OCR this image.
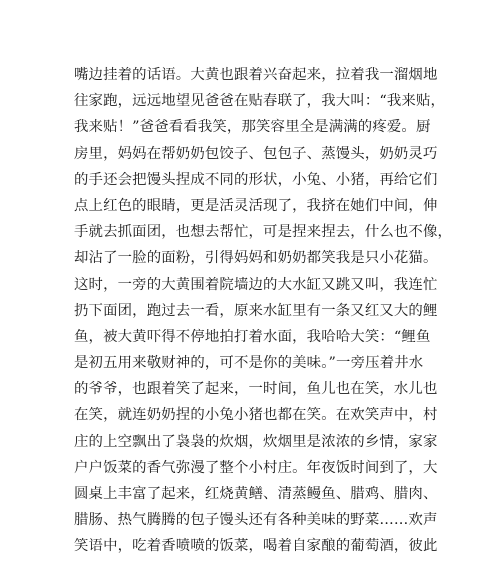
嘴边挂着的话语。大黄也跟着兴奋起来，拉着我一溜烟地
往家跑，远远地望见爸爸在贴春联了，我大叫：“我来贴，
我来贴！”爸爸看看我笑，那笑容里全是满满的疼爱。厨
房里，妈妈在帮奶奶包饺子、包包子、蒸馒头，奶奶灵巧
的手还会把馒头捏成不同的形状，小兔、小猪，再给它们
点上红色的眼睛，更是活灵活现了，我挤在她们中间，伸
手就去抓面团，也想去帮忙，可是捏来捏去，什么也不像，
却沾了一脸的面粉，引得妈妈和奶奶都笑我是只小花猫。
这时，一旁的大黄围着院墙边的大水缸又跳又叫，我连忙
扔下面团，跑过去一看，原来水缸里有一条又红又大的鲤
鱼，被大黄吓得不停地拍打着水面，我哈哈大笑：“鲤鱼
是初五用来敬财神的，可不是你的美味。”一旁压着井水
的爷爷，也跟着笑了起来，一时间，鱼儿也在笑，水儿也
在笑，就连奶奶捏的小兔小猪也都在笑。在欢笑声中，村
庄的上空飘出了袅袅的炊烟，炊烟里是浓浓的乡情，家家
户户饭菜的香气弥漫了整个小村庄。年夜饭时间到了，大
圆桌上丰富了起来，红烧黄鳝、清蒸鳗鱼、腊鸡、腊肉、
腊肠、热气腾腾的包子馒头还有各种美味的野菜……欢声
笑语中，吃着香喷喷的饭菜，喝着自家酿的葡萄酒，彼此
